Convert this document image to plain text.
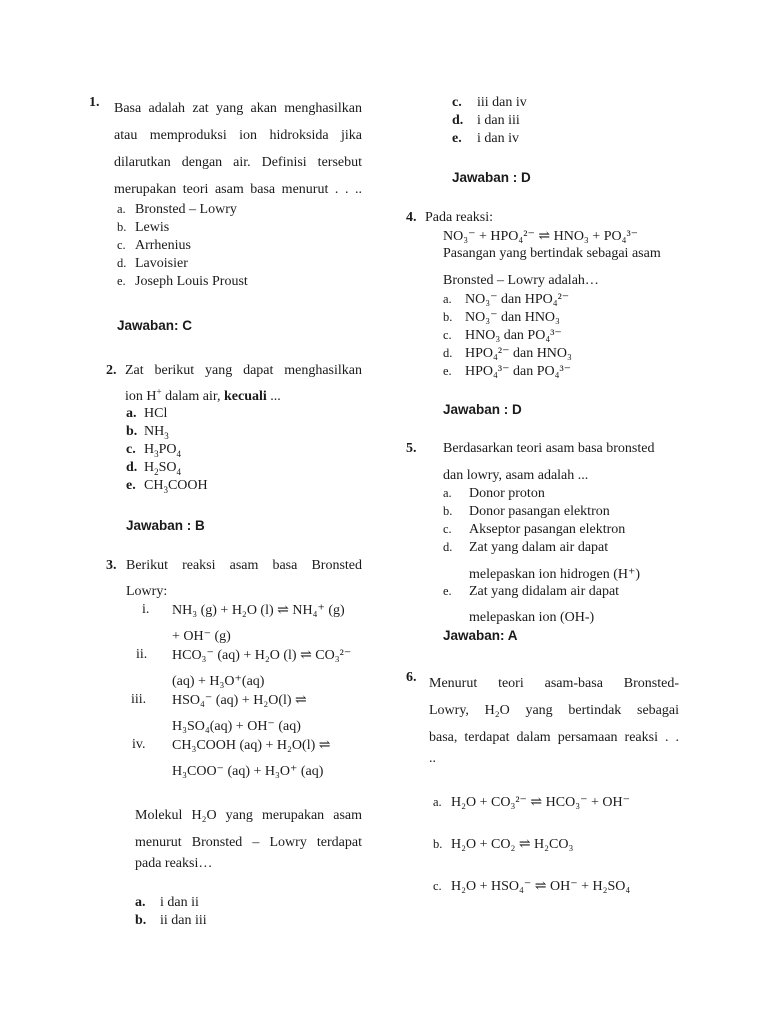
1. Basa adalah zat yang akan menghasilkan
atau memproduksi ion hidroksida jika
dilarutkan dengan air. Definisi tersebut
merupakan teori asam basa menurut . . ..
a. Bronsted – Lowry
b. Lewis
c. Arrhenius
d. Lavoisier
e. Joseph Louis Proust
Jawaban: C
2. Zat berikut yang dapat menghasilkan
ion H+ dalam air, kecuali ...
a. HCl
b. $NH_3$
c. $H_3PO_4$
d. $H_2SO_4$
e. $CH_3COOH$
Jawaban : B
3. Berikut reaksi asam basa Bronsted
Lowry:
i. NH₃ (g) + H₂O (l) ⇌ NH₄⁺ (g)
+ OH⁻ (g)
ii. HCO₃⁻ (aq) + H₂O (l) ⇌ CO₃²⁻
(aq) + H₃O⁺(aq)
iii. HSO₄⁻ (aq) + H₂O(l) ⇌
H₃SO₄(aq) + OH⁻ (aq)
iv. CH₃COOH (aq) + H₂O(l) ⇌
H₃COO⁻ (aq) + H₃O⁺ (aq)
Molekul H₂O yang merupakan asam
menurut Bronsted – Lowry terdapat
pada reaksi…
a. i dan ii
b. ii dan iii
c. iii dan iv
d. i dan iii
e. i dan iv
Jawaban : D
4. Pada reaksi:
NO₃⁻ + HPO₄²⁻ ⇌ HNO₃ + PO₄³⁻
Pasangan yang bertindak sebagai asam
Bronsted – Lowry adalah…
a. NO₃⁻ dan HPO₄²⁻
b. NO₃⁻ dan HNO₃
c. HNO₃ dan PO₄³⁻
d. HPO₄²⁻ dan HNO₃
e. HPO₄³⁻ dan PO₄³⁻
Jawaban : D
5. Berdasarkan teori asam basa bronsted
dan lowry, asam adalah ...
a. Donor proton
b. Donor pasangan elektron
c. Akseptor pasangan elektron
d. Zat yang dalam air dapat
melepaskan ion hidrogen (H⁺)
e. Zat yang didalam air dapat
melepaskan ion (OH-)
Jawaban: A
6. Menurut teori asam-basa Bronsted-
Lowry, H₂O yang bertindak sebagai
basa, terdapat dalam persamaan reaksi . .
..
a. H₂O + CO₃²⁻ ⇌ HCO₃⁻ + OH⁻
b. H₂O + CO₂ ⇌ H₂CO₃
c. H₂O + HSO₄⁻ ⇌ OH⁻ + H₂SO₄
